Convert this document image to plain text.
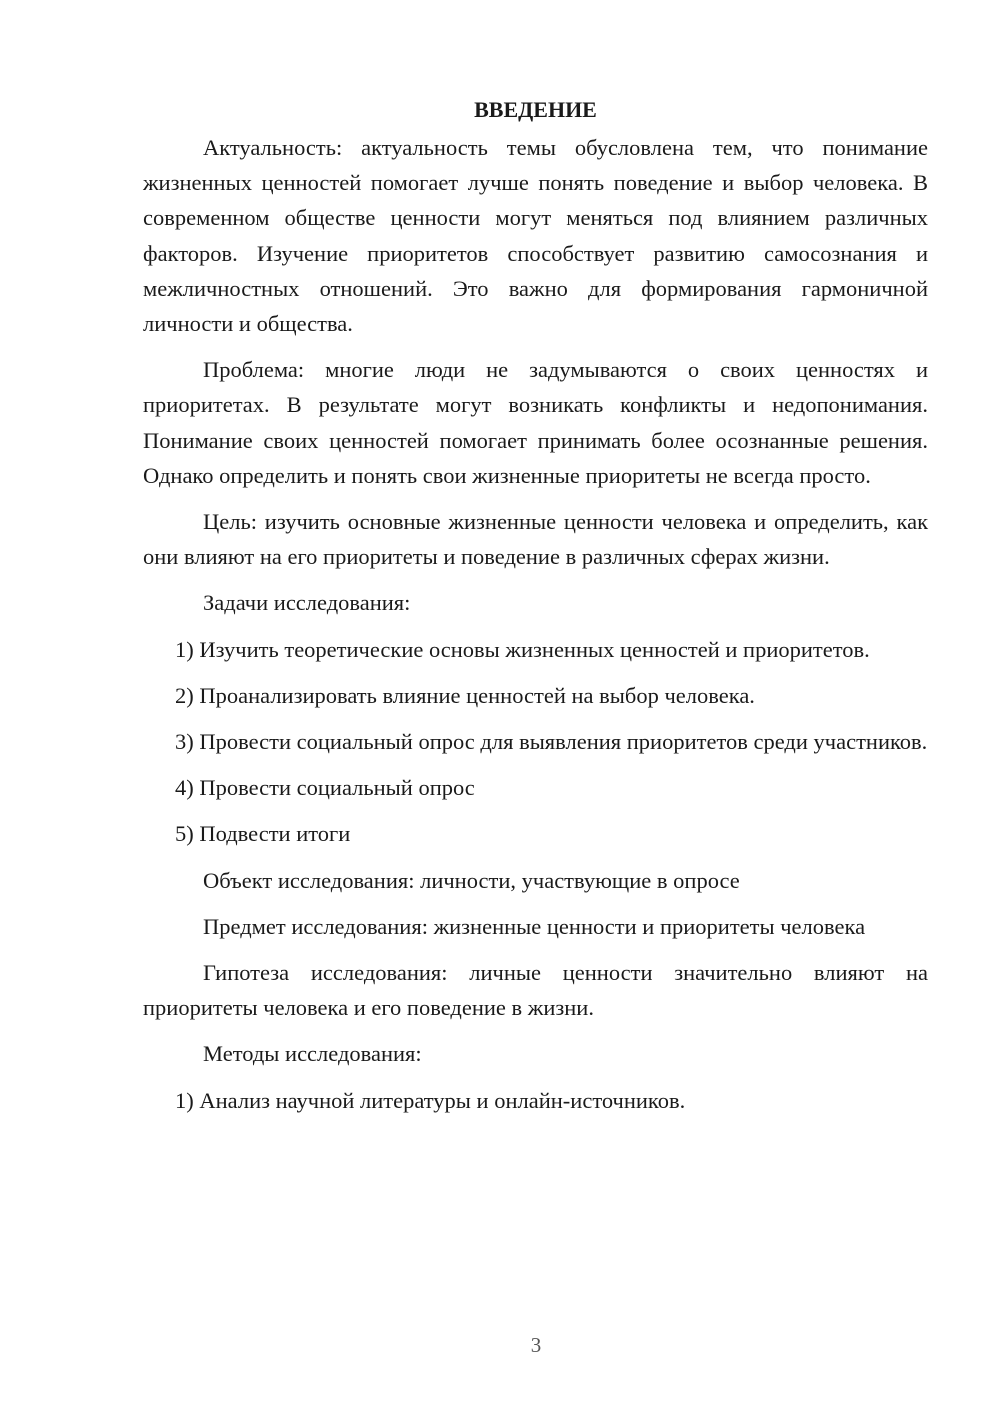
ВВЕДЕНИЕ

Актуальность: актуальность темы обусловлена тем, что понимание жизненных ценностей помогает лучше понять поведение и выбор человека. В современном обществе ценности могут меняться под влиянием различных факторов. Изучение приоритетов способствует развитию самосознания и межличностных отношений. Это важно для формирования гармоничной личности и общества.

Проблема: многие люди не задумываются о своих ценностях и приоритетах. В результате могут возникать конфликты и недопонимания. Понимание своих ценностей помогает принимать более осознанные решения. Однако определить и понять свои жизненные приоритеты не всегда просто.

Цель: изучить основные жизненные ценности человека и определить, как они влияют на его приоритеты и поведение в различных сферах жизни.

Задачи исследования:

1) Изучить теоретические основы жизненных ценностей и приоритетов.

2) Проанализировать влияние ценностей на выбор человека.

3) Провести социальный опрос для выявления приоритетов среди участников.

4) Провести социальный опрос

5) Подвести итоги

Объект исследования: личности, участвующие в опросе

Предмет исследования: жизненные ценности и приоритеты человека

Гипотеза исследования: личные ценности значительно влияют на приоритеты человека и его поведение в жизни.

Методы исследования:

1) Анализ научной литературы и онлайн-источников.

3
